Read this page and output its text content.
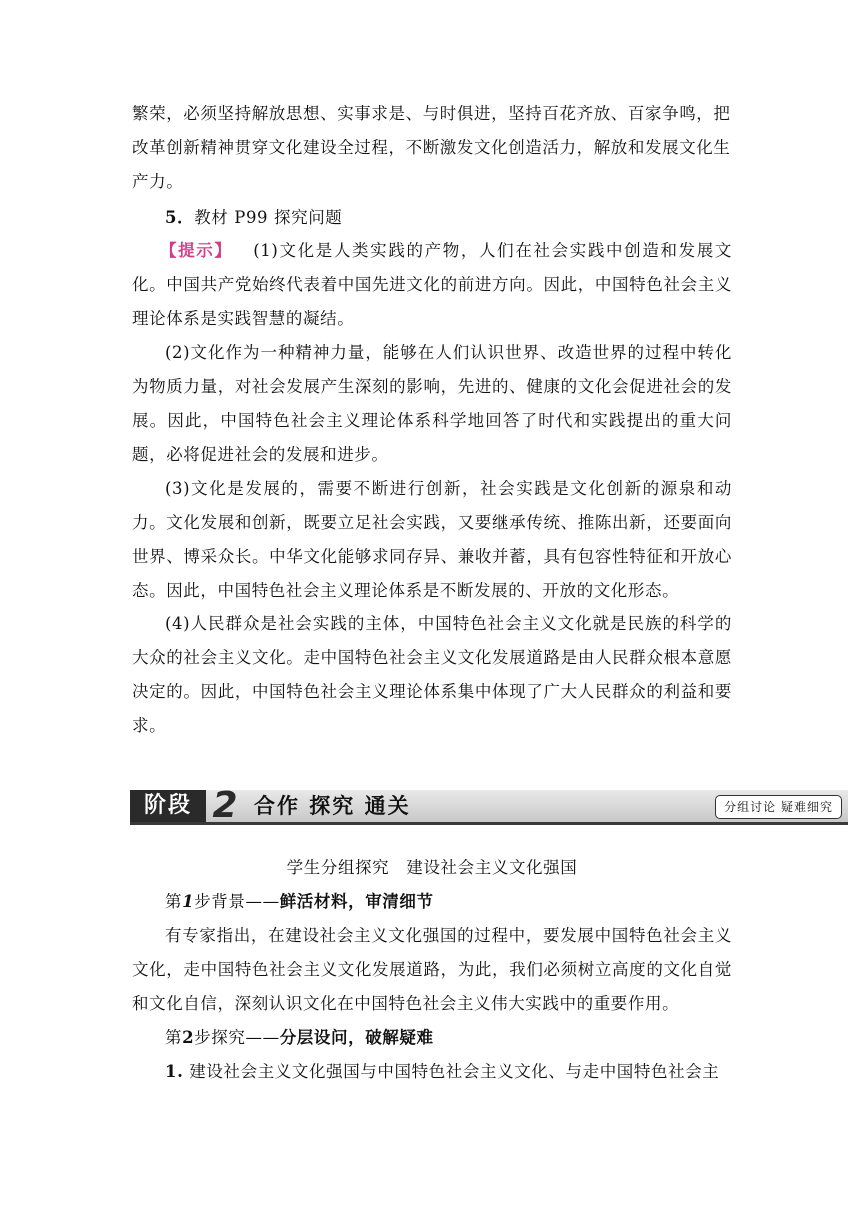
繁荣，必须坚持解放思想、实事求是、与时俱进，坚持百花齐放、百家争鸣，把

改革创新精神贯穿文化建设全过程，不断激发文化创造活力，解放和发展文化生

产力。

5．教材 P99 探究问题

【提示】 (1)文化是人类实践的产物，人们在社会实践中创造和发展文化。中国共产党始终代表着中国先进文化的前进方向。因此，中国特色社会主义理论体系是实践智慧的凝结。

(2)文化作为一种精神力量，能够在人们认识世界、改造世界的过程中转化为物质力量，对社会发展产生深刻的影响，先进的、健康的文化会促进社会的发展。因此，中国特色社会主义理论体系科学地回答了时代和实践提出的重大问题，必将促进社会的发展和进步。

(3)文化是发展的，需要不断进行创新，社会实践是文化创新的源泉和动力。文化发展和创新，既要立足社会实践，又要继承传统、推陈出新，还要面向世界、博采众长。中华文化能够求同存异、兼收并蓄，具有包容性特征和开放心态。因此，中国特色社会主义理论体系是不断发展的、开放的文化形态。

(4)人民群众是社会实践的主体，中国特色社会主义文化就是民族的科学的大众的社会主义文化。走中国特色社会主义文化发展道路是由人民群众根本意愿决定的。因此，中国特色社会主义理论体系集中体现了广大人民群众的利益和要求。

阶段 2 合作 探究 通关	分组讨论 疑难细究

学生分组探究　建设社会主义文化强国

第1步背景——鲜活材料，审清细节

有专家指出，在建设社会主义文化强国的过程中，要发展中国特色社会主义文化，走中国特色社会主义文化发展道路，为此，我们必须树立高度的文化自觉和文化自信，深刻认识文化在中国特色社会主义伟大实践中的重要作用。

第2步探究——分层设问，破解疑难

1. 建设社会主义文化强国与中国特色社会主义文化、与走中国特色社会主
